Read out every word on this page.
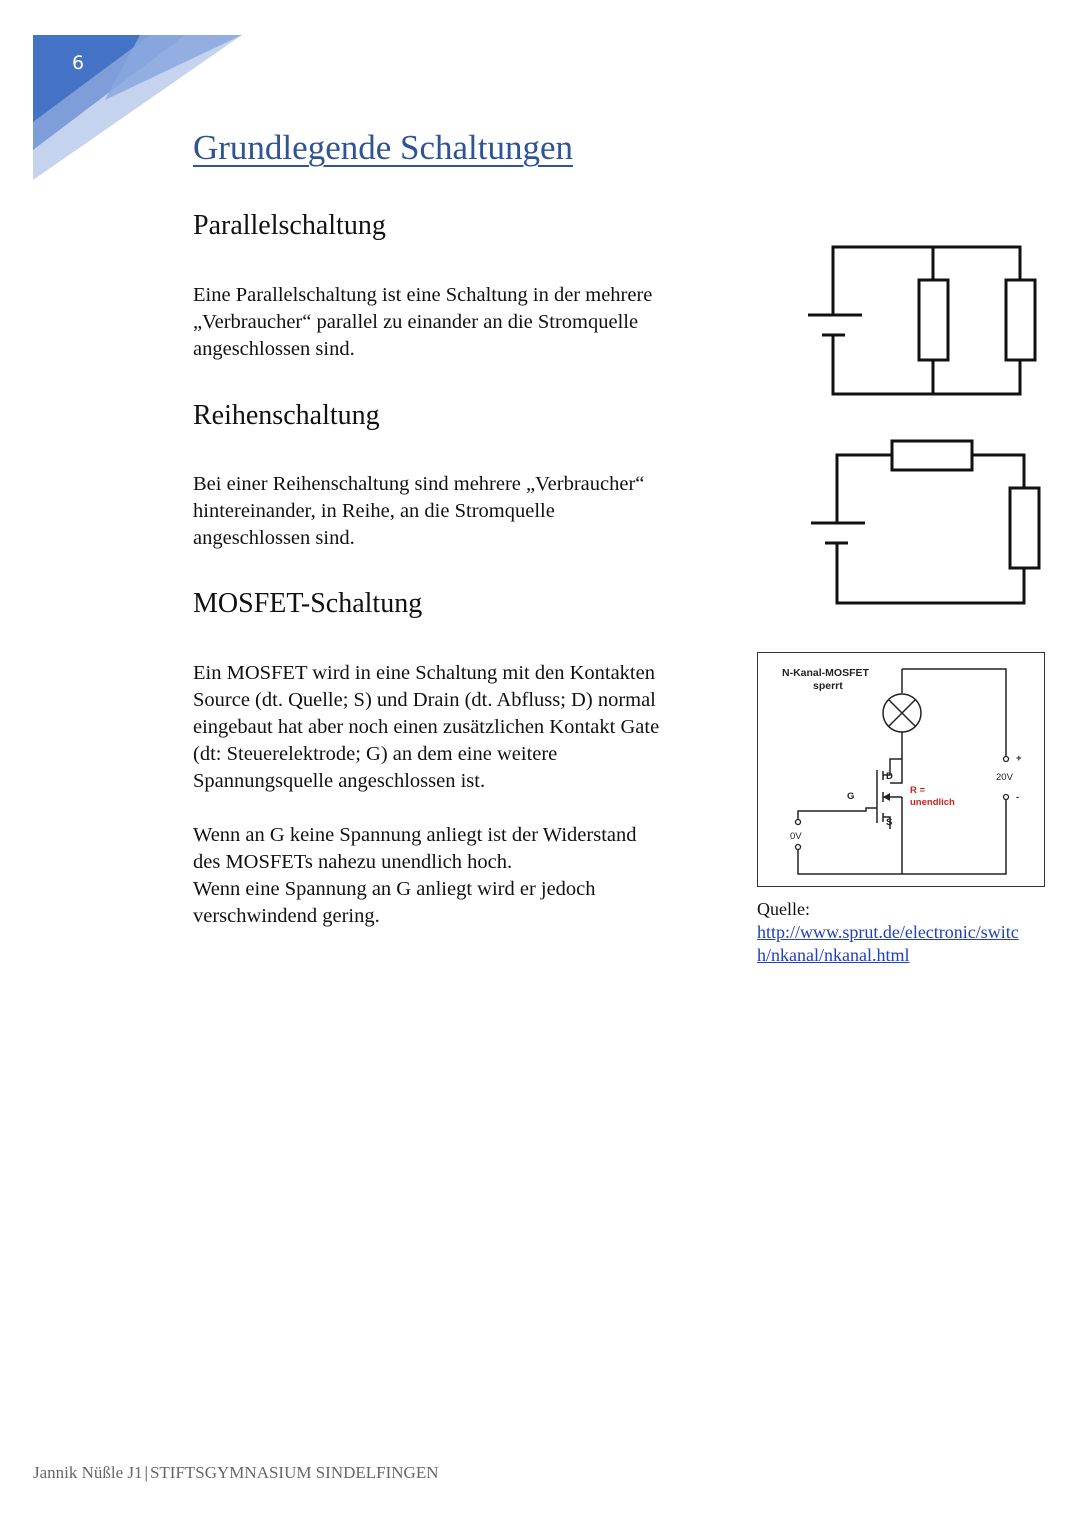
6
Grundlegende Schaltungen
Parallelschaltung

Eine Parallelschaltung ist eine Schaltung in der mehrere
„Verbraucher“ parallel zu einander an die Stromquelle
angeschlossen sind.

Reihenschaltung

Bei einer Reihenschaltung sind mehrere „Verbraucher“
hintereinander, in Reihe, an die Stromquelle
angeschlossen sind.

MOSFET-Schaltung

Ein MOSFET wird in eine Schaltung mit den Kontakten
Source (dt. Quelle; S) und Drain (dt. Abfluss; D) normal
eingebaut hat aber noch einen zusätzlichen Kontakt Gate
(dt: Steuerelektrode; G) an dem eine weitere
Spannungsquelle angeschlossen ist.

Wenn an G keine Spannung anliegt ist der Widerstand
des MOSFETs nahezu unendlich hoch.
Wenn eine Spannung an G anliegt wird er jedoch
verschwindend gering.

N-Kanal-MOSFET
sperrt
D
G
S
+
-
20V
0V
R =
unendlich

Quelle:
http://www.sprut.de/electronic/switc
h/nkanal/nkanal.html

Jannik Nüßle J1 | STIFTSGYMNASIUM SINDELFINGEN
